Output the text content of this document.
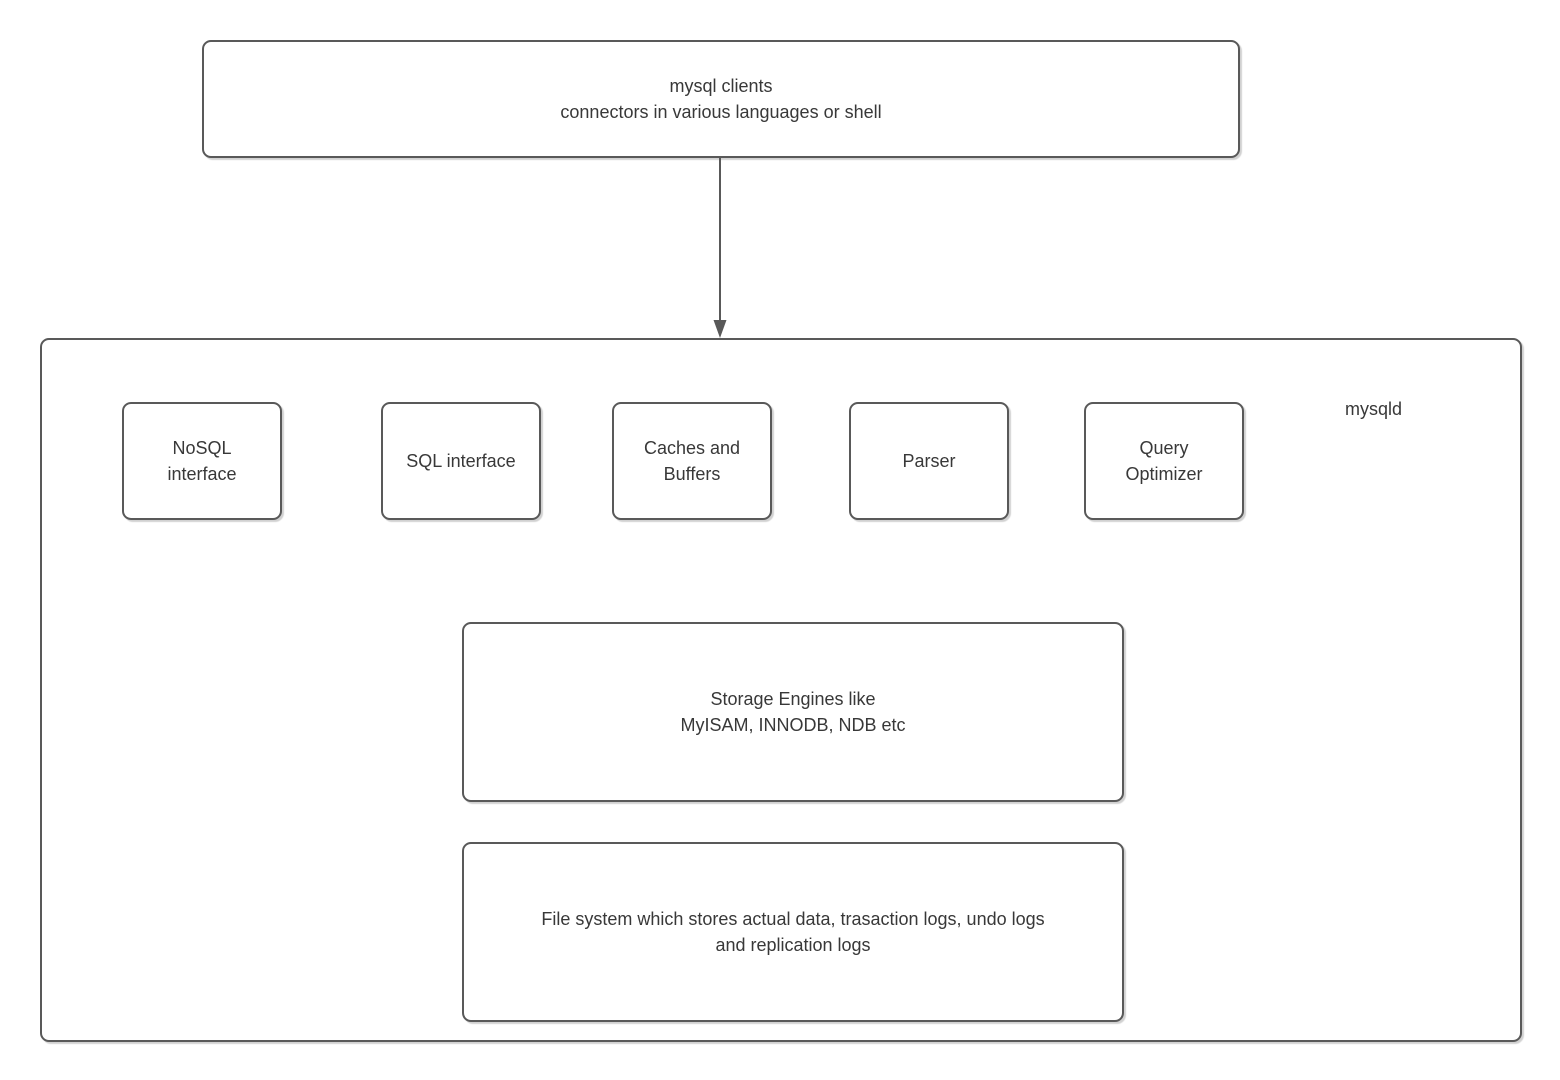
mysql clients
connectors in various languages or shell
mysqld
NoSQL
interface
SQL interface
Caches and
Buffers
Parser
Query
Optimizer
Storage Engines like
MyISAM, INNODB, NDB etc
File system which stores actual data, trasaction logs, undo logs
and replication logs
